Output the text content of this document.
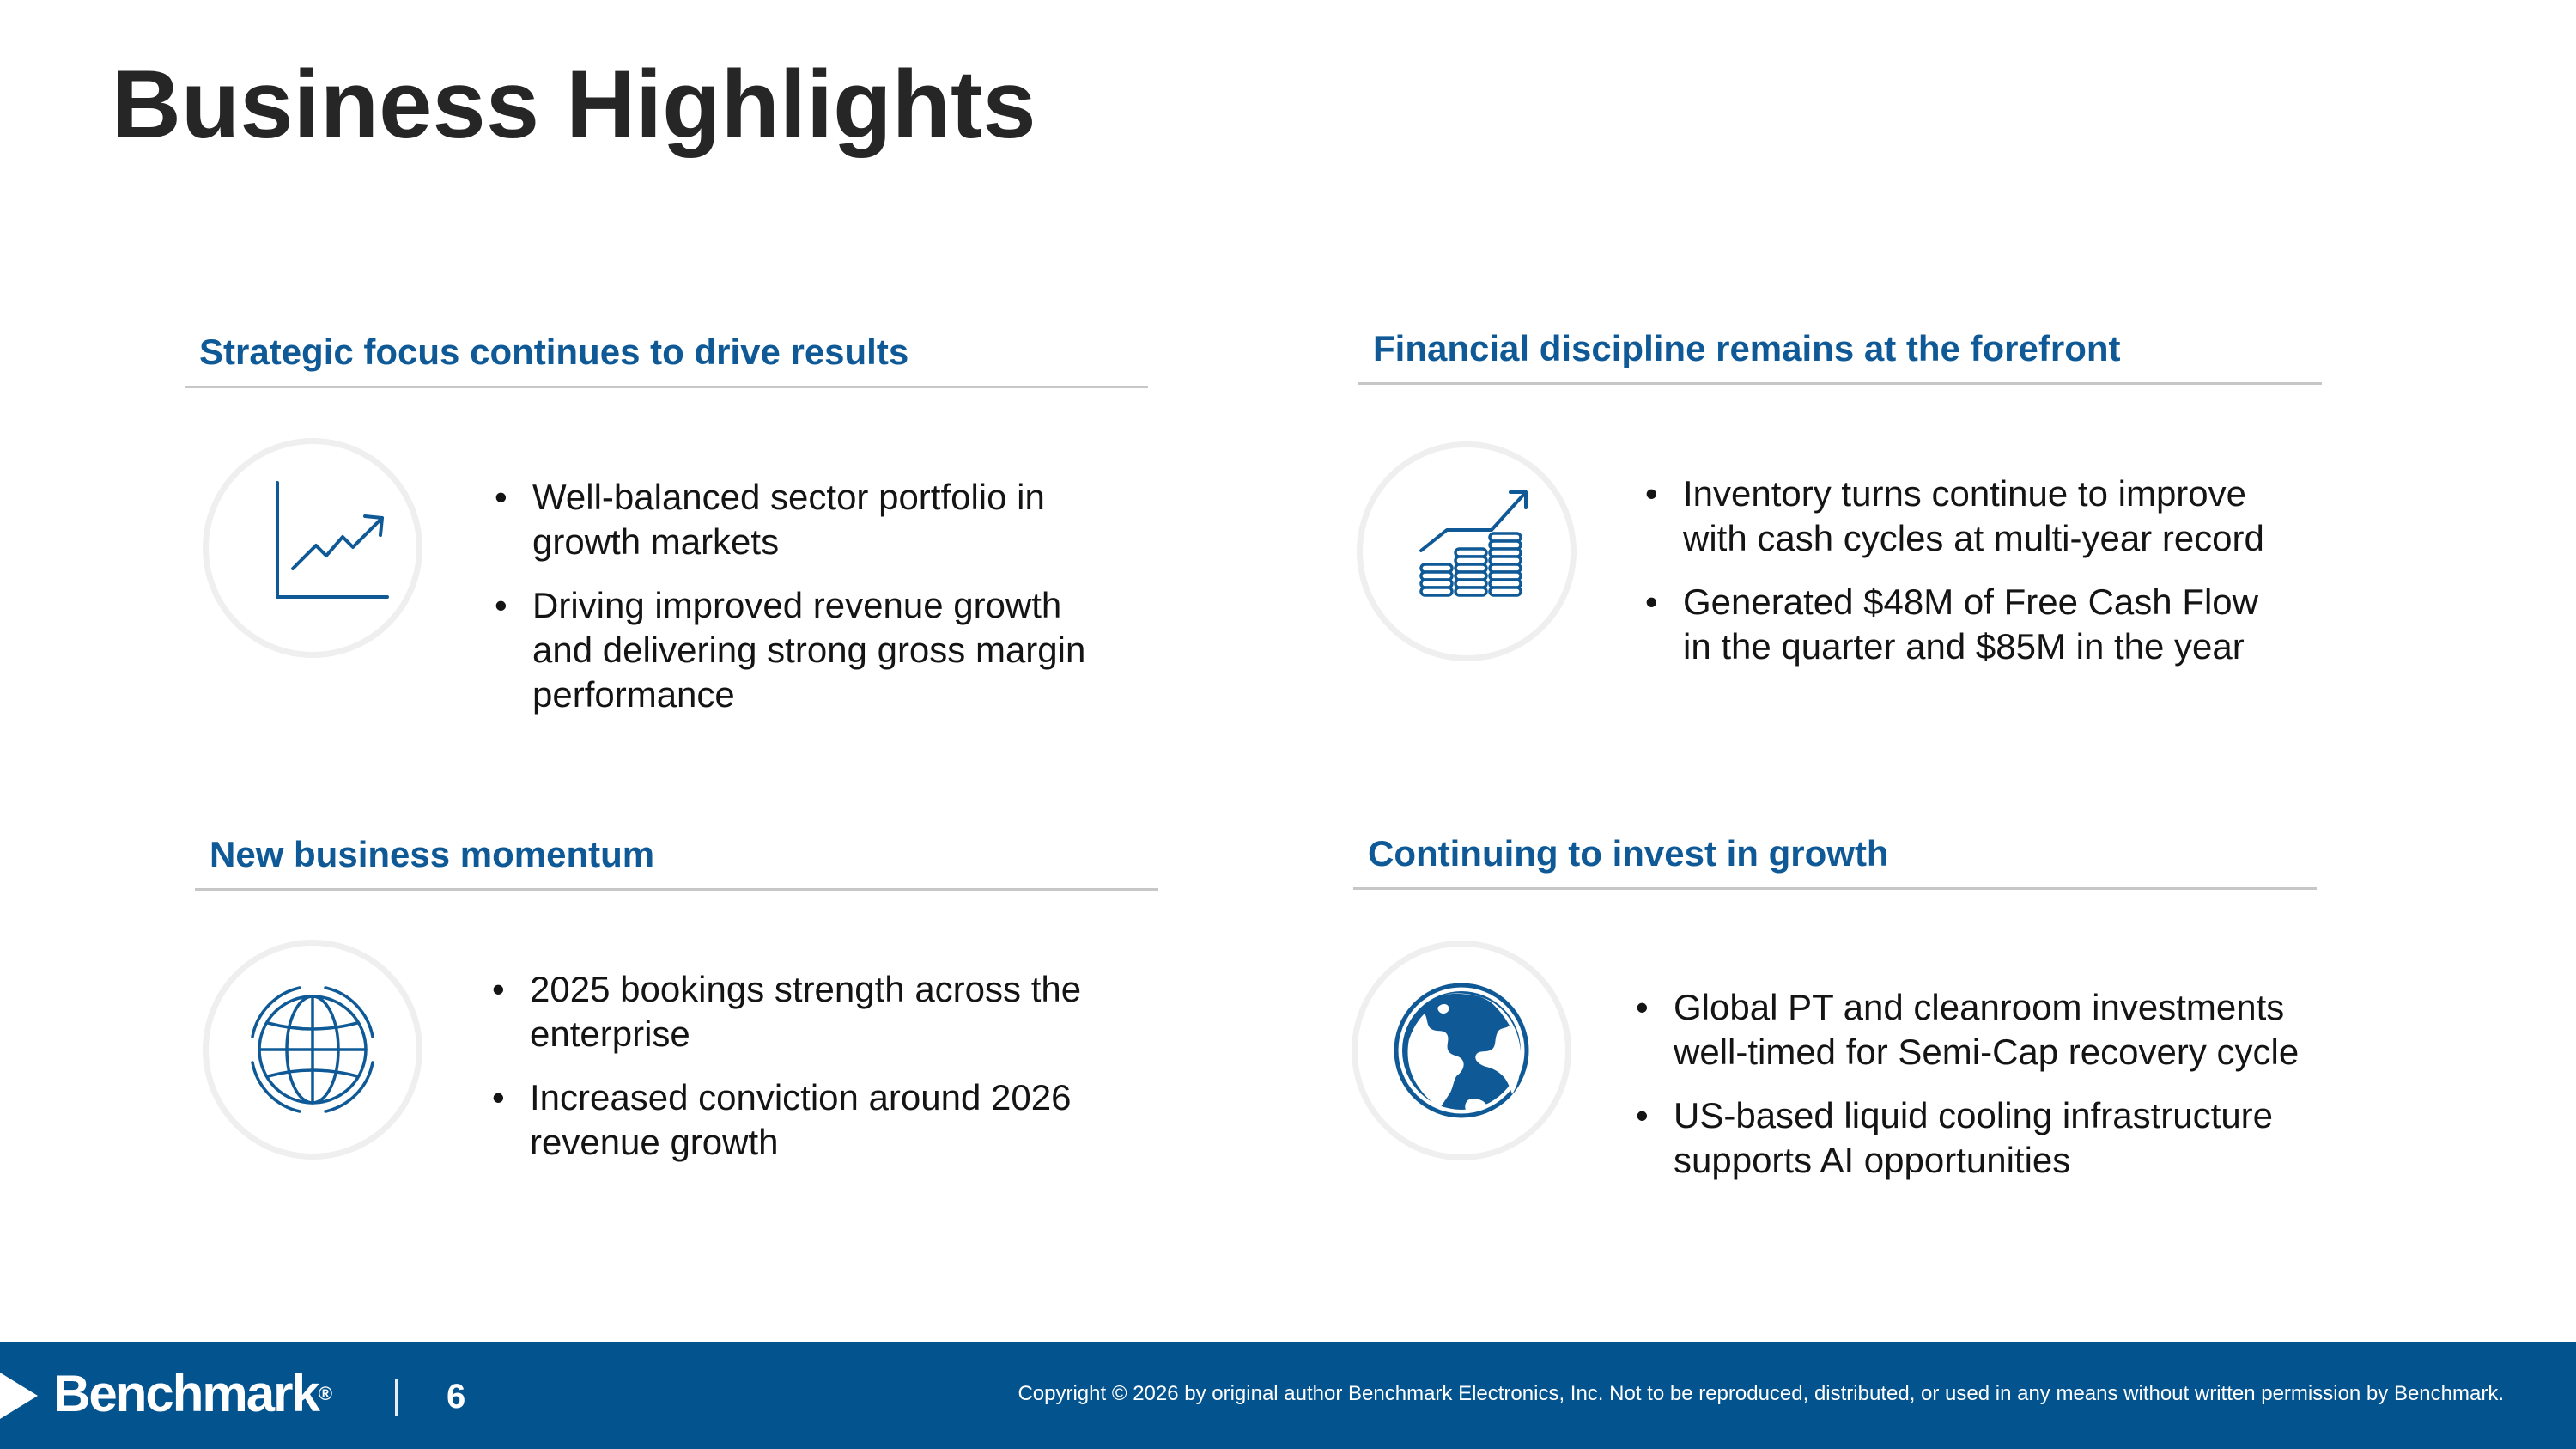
Business Highlights
Strategic focus continues to drive results
• Well-balanced sector portfolio in
growth markets
• Driving improved revenue growth
and delivering strong gross margin
performance
Financial discipline remains at the forefront
• Inventory turns continue to improve
with cash cycles at multi-year record
• Generated $48M of Free Cash Flow
in the quarter and $85M in the year
New business momentum
• 2025 bookings strength across the
enterprise
• Increased conviction around 2026
revenue growth
Continuing to invest in growth
• Global PT and cleanroom investments
well-timed for Semi-Cap recovery cycle
• US-based liquid cooling infrastructure
supports AI opportunities
Benchmark®	6	Copyright © 2026 by original author Benchmark Electronics, Inc. Not to be reproduced, distributed, or used in any means without written permission by Benchmark.
